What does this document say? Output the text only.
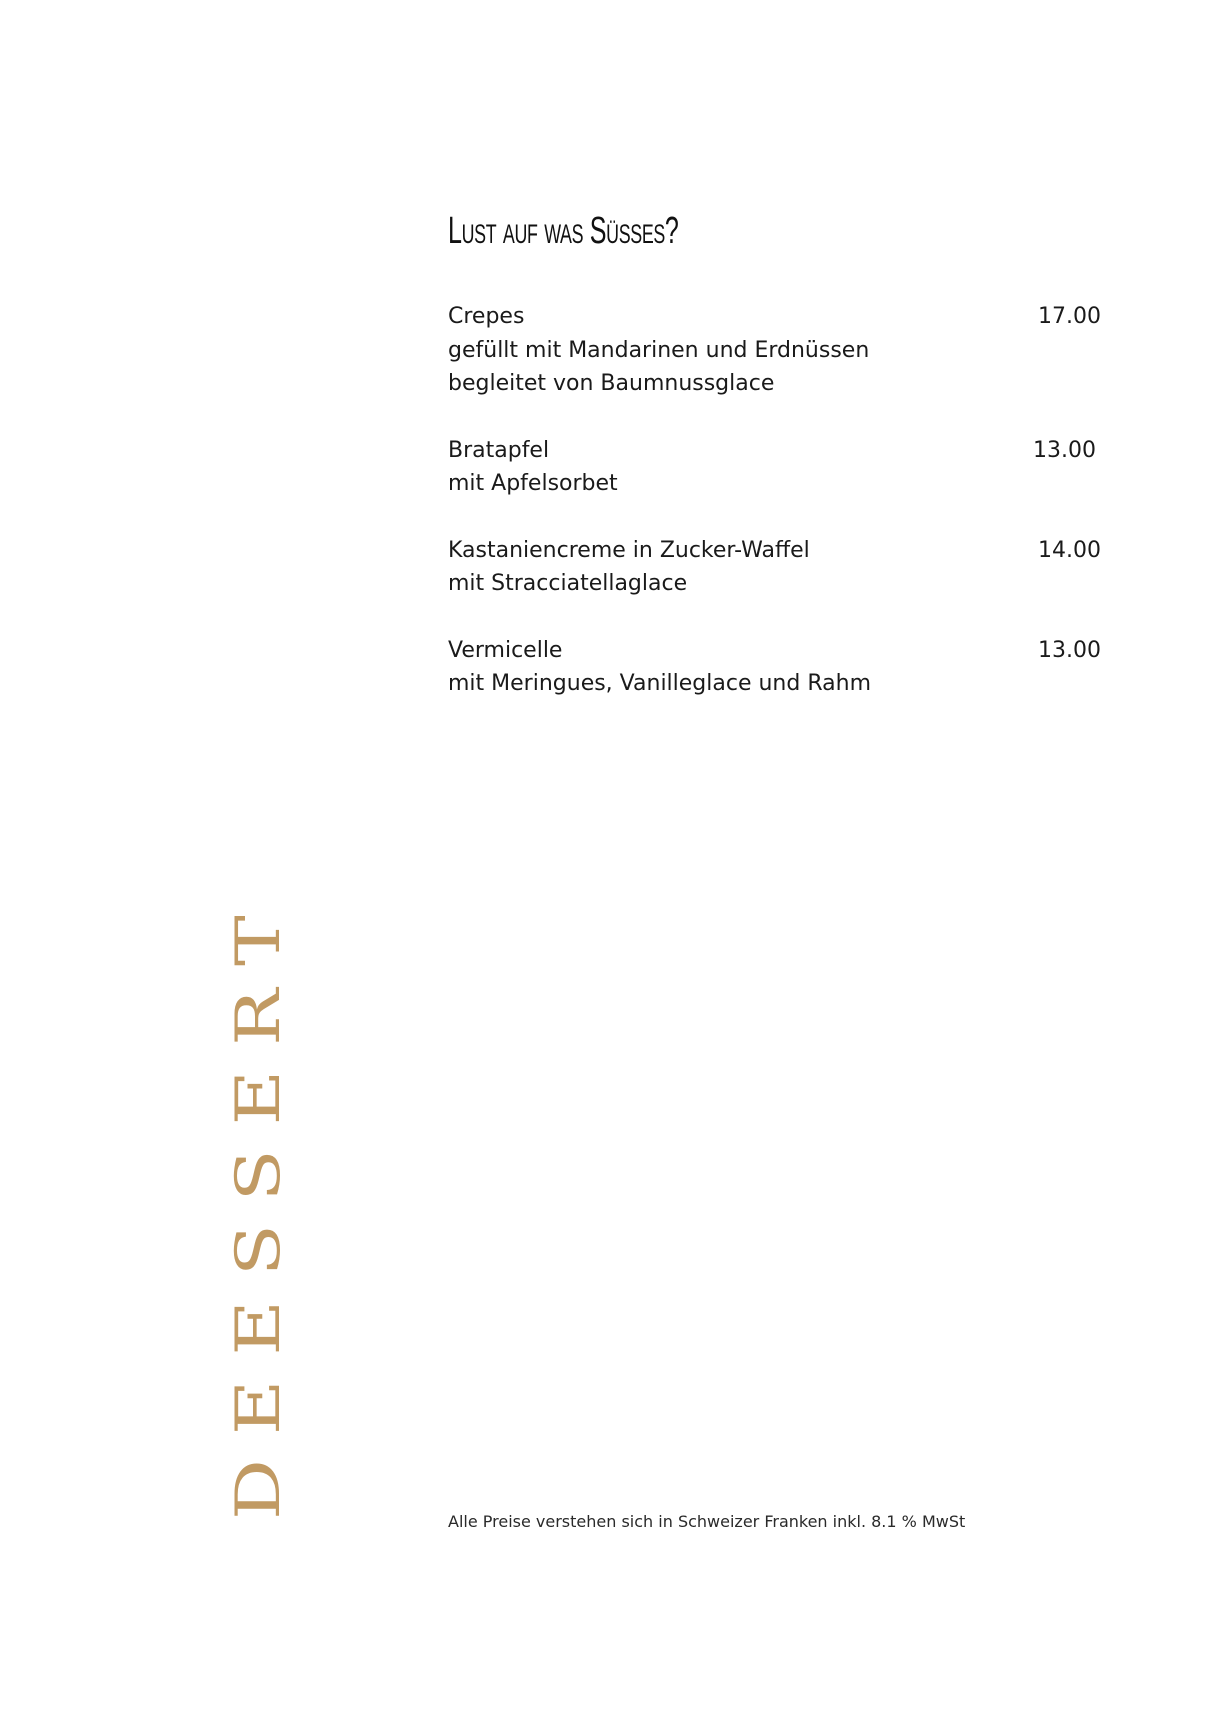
Lust auf was Süsses?
Crepes	17.00
gefüllt mit Mandarinen und Erdnüssen
begleitet von Baumnussglace
Bratapfel	13.00
mit Apfelsorbet
Kastaniencreme in Zucker-Waffel	14.00
mit Stracciatellaglace
Vermicelle	13.00
mit Meringues, Vanilleglace und Rahm
DEESSERT
Alle Preise verstehen sich in Schweizer Franken inkl. 8.1 % MwSt
